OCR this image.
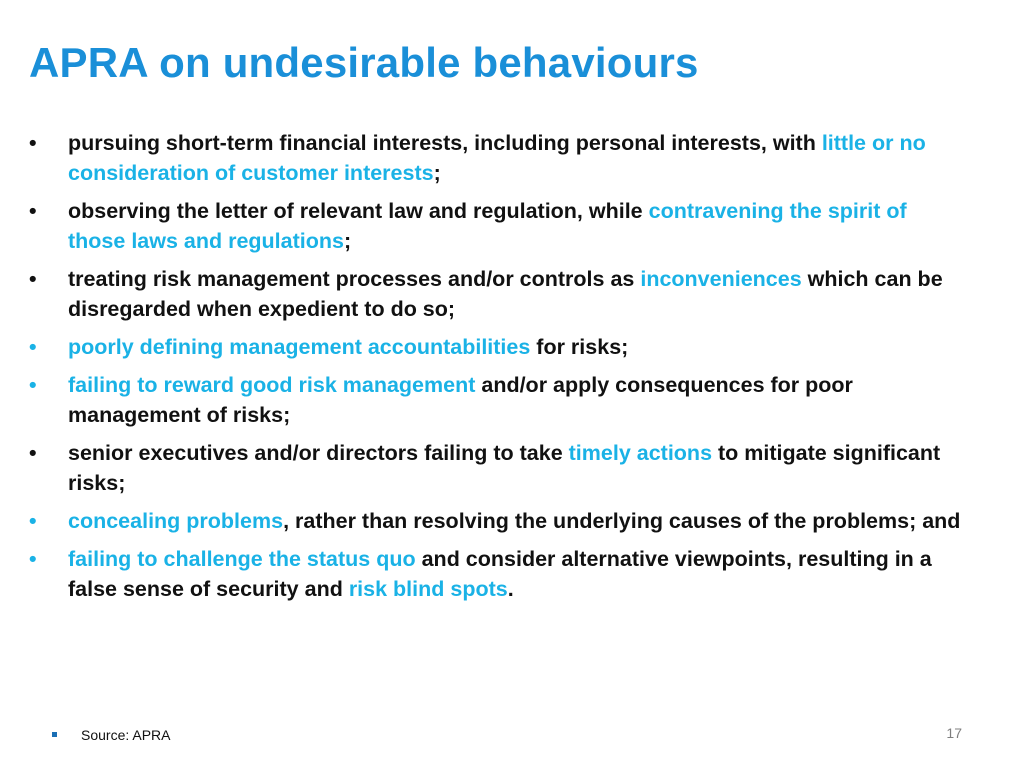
APRA on undesirable behaviours
•	pursuing short-term financial interests, including personal interests, with little or no consideration of customer interests;
•	observing the letter of relevant law and regulation, while contravening the spirit of those laws and regulations;
•	treating risk management processes and/or controls as inconveniences which can be disregarded when expedient to do so;
•	poorly defining management accountabilities for risks;
•	failing to reward good risk management and/or apply consequences for poor management of risks;
•	senior executives and/or directors failing to take timely actions to mitigate significant risks;
•	concealing problems, rather than resolving the underlying causes of the problems; and
•	failing to challenge the status quo and consider alternative viewpoints, resulting in a false sense of security and risk blind spots.
Source: APRA	17
